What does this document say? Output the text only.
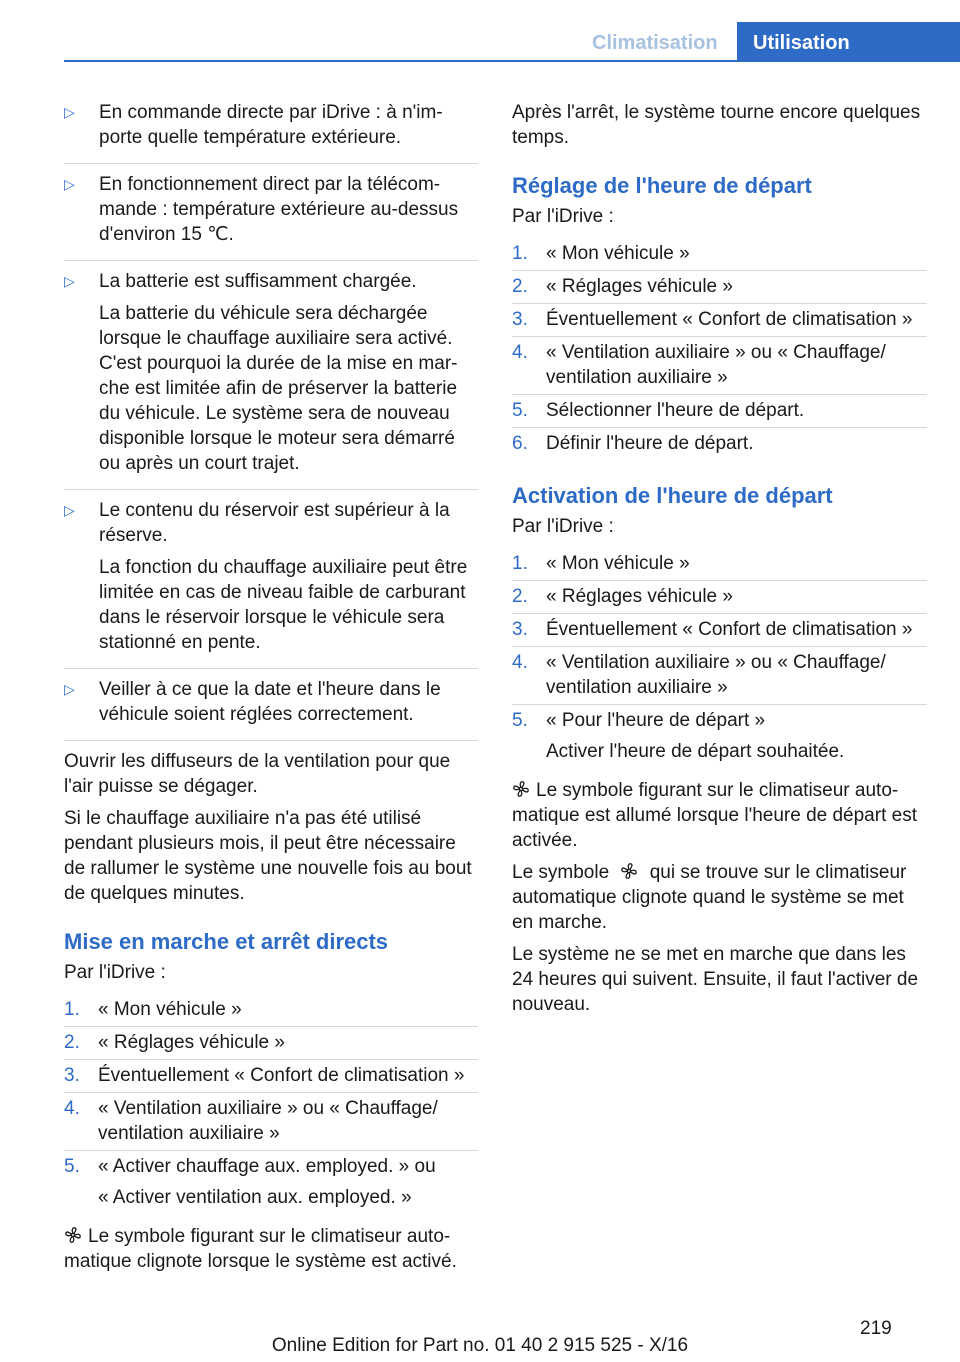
Climatisation	Utilisation
▷ En commande directe par iDrive : à n'importe quelle température extérieure.
▷ En fonctionnement direct par la télécommande : température extérieure au-dessus d'environ 15 ℃.
▷ La batterie est suffisamment chargée.
La batterie du véhicule sera déchargée lorsque le chauffage auxiliaire sera activé. C'est pourquoi la durée de la mise en marche est limitée afin de préserver la batterie du véhicule. Le système sera de nouveau disponible lorsque le moteur sera démarré ou après un court trajet.
▷ Le contenu du réservoir est supérieur à la réserve.
La fonction du chauffage auxiliaire peut être limitée en cas de niveau faible de carburant dans le réservoir lorsque le véhicule sera stationné en pente.
▷ Veiller à ce que la date et l'heure dans le véhicule soient réglées correctement.

Ouvrir les diffuseurs de la ventilation pour que l'air puisse se dégager.

Si le chauffage auxiliaire n'a pas été utilisé pendant plusieurs mois, il peut être nécessaire de rallumer le système une nouvelle fois au bout de quelques minutes.

Mise en marche et arrêt directs

Par l'iDrive :

1. « Mon véhicule »
2. « Réglages véhicule »
3. Éventuellement « Confort de climatisation »
4. « Ventilation auxiliaire » ou « Chauffage/ ventilation auxiliaire »
5. « Activer chauffage aux. employed. » ou
« Activer ventilation aux. employed. »

Le symbole figurant sur le climatiseur automatique clignote lorsque le système est activé.

Après l'arrêt, le système tourne encore quelques temps.

Réglage de l'heure de départ

Par l'iDrive :

1. « Mon véhicule »
2. « Réglages véhicule »
3. Éventuellement « Confort de climatisation »
4. « Ventilation auxiliaire » ou « Chauffage/ ventilation auxiliaire »
5. Sélectionner l'heure de départ.
6. Définir l'heure de départ.
Activation de l'heure de départ

Par l'iDrive :

1. « Mon véhicule »
2. « Réglages véhicule »
3. Éventuellement « Confort de climatisation »
4. « Ventilation auxiliaire » ou « Chauffage/ ventilation auxiliaire »
5. « Pour l'heure de départ »
Activer l'heure de départ souhaitée.

Le symbole figurant sur le climatiseur automatique est allumé lorsque l'heure de départ est activée.

Le symbole qui se trouve sur le climatiseur automatique clignote quand le système se met en marche.

Le système ne se met en marche que dans les 24 heures qui suivent. Ensuite, il faut l'activer de nouveau.

219
Online Edition for Part no. 01 40 2 915 525 - X/16
